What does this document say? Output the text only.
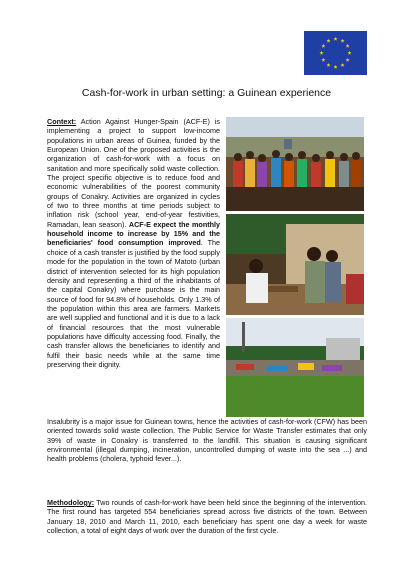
Cash-for-work in urban setting: a Guinean experience
Context: Action Against Hunger-Spain (ACF-E) is implementing a project to support low-income populations in urban areas of Guinea, funded by the European Union. One of the proposed activities is the organization of cash-for-work with a focus on sanitation and more specifically solid waste collection. The project specific objective is to reduce food and economic vulnerabilities of the poorest community groups of Conakry. Activities are organized in cycles of two to three months at time periods subject to inflation risk (school year, end-of-year festivities, Ramadan, lean season). ACF-E expect the monthly household income to increase by 15% and the beneficiaries' food consumption improved. The choice of a cash transfer is justified by the food supply mode for the population in the town of Matoto (urban district of intervention selected for its high population density and representing a third of the inhabitants of the capital Conakry) where purchase is the main source of food for 94.8% of households. Only 1.3% of the population within this area are farmers. Markets are well supplied and functional and it is due to a lack of financial resources that the most vulnerable populations have difficulty accessing food. Finally, the cash transfer allows the beneficiaries to identify and fulfil their basic needs while at the same time preserving their dignity.
Insalubrity is a major issue for Guinean towns, hence the activities of cash-for-work (CFW) has been oriented towards solid waste collection. The Public Service for Waste Transfer estimates that only 39% of waste in Conakry is transferred to the landfill. This situation is causing significant environmental (illegal dumping, incineration, uncontrolled dumping of waste into the sea ...) and health problems (cholera, typhoid fever...).
Methodology: Two rounds of cash-for-work have been held since the beginning of the intervention. The first round has targeted 554 beneficiaries spread across five districts of the town. Between January 18, 2010 and March 11, 2010, each beneficiary has spent one day a week for waste collection, a total of eight days of work over the duration of the first cycle.
